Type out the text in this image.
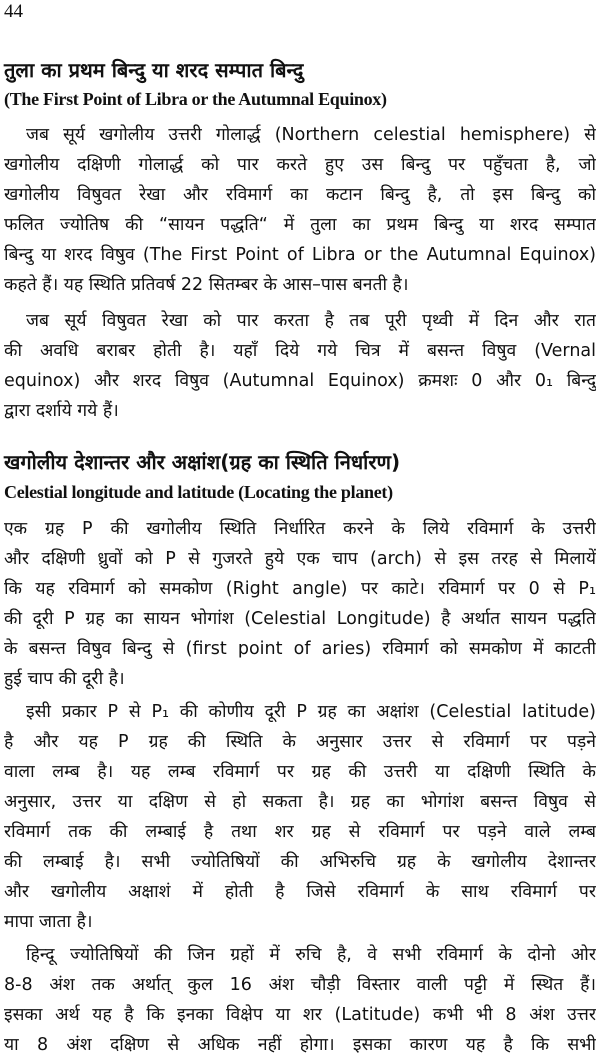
44
तुला का प्रथम बिन्दु या शरद सम्पात बिन्दु
(The First Point of Libra or the Autumnal Equinox)
जब सूर्य खगोलीय उत्तरी गोलार्द्ध (Northern celestial hemisphere) से
खगोलीय दक्षिणी गोलार्द्ध को पार करते हुए उस बिन्दु पर पहुँचता है, जो
खगोलीय विषुवत रेखा और रविमार्ग का कटान बिन्दु है, तो इस बिन्दु को
फलित ज्योतिष की “सायन पद्धति“ में तुला का प्रथम बिन्दु या शरद सम्पात
बिन्दु या शरद विषुव (The First Point of Libra or the Autumnal Equinox)
कहते हैं। यह स्थिति प्रतिवर्ष 22 सितम्बर के आस–पास बनती है।
जब सूर्य विषुवत रेखा को पार करता है तब पूरी पृथ्वी में दिन और रात
की अवधि बराबर होती है। यहाँ दिये गये चित्र में बसन्त विषुव (Vernal
equinox) और शरद विषुव (Autumnal Equinox) क्रमशः 0 और 0₁ बिन्दु
द्वारा दर्शाये गये हैं।
खगोलीय देशान्तर और अक्षांश(ग्रह का स्थिति निर्धारण)
Celestial longitude and latitude (Locating the planet)
एक ग्रह P की खगोलीय स्थिति निर्धारित करने के लिये रविमार्ग के उत्तरी
और दक्षिणी ध्रुवों को P से गुजरते हुये एक चाप (arch) से इस तरह से मिलायें
कि यह रविमार्ग को समकोण (Right angle) पर काटे। रविमार्ग पर 0 से P₁
की दूरी P ग्रह का सायन भोगांश (Celestial Longitude) है अर्थात सायन पद्धति
के बसन्त विषुव बिन्दु से (first point of aries) रविमार्ग को समकोण में काटती
हुई चाप की दूरी है।
इसी प्रकार P से P₁ की कोणीय दूरी P ग्रह का अक्षांश (Celestial latitude)
है और यह P ग्रह की स्थिति के अनुसार उत्तर से रविमार्ग पर पड़ने
वाला लम्ब है। यह लम्ब रविमार्ग पर ग्रह की उत्तरी या दक्षिणी स्थिति के
अनुसार, उत्तर या दक्षिण से हो सकता है। ग्रह का भोगांश बसन्त विषुव से
रविमार्ग तक की लम्बाई है तथा शर ग्रह से रविमार्ग पर पड़ने वाले लम्ब
की लम्बाई है। सभी ज्योतिषियों की अभिरुचि ग्रह के खगोलीय देशान्तर
और खगोलीय अक्षाशं में होती है जिसे रविमार्ग के साथ रविमार्ग पर
मापा जाता है।
हिन्दू ज्योतिषियों की जिन ग्रहों में रुचि है, वे सभी रविमार्ग के दोनो ओर
8-8 अंश तक अर्थात् कुल 16 अंश चौड़ी विस्तार वाली पट्टी में स्थित हैं।
इसका अर्थ यह है कि इनका विक्षेप या शर (Latitude) कभी भी 8 अंश उत्तर
या 8 अंश दक्षिण से अधिक नहीं होगा। इसका कारण यह है कि सभी
